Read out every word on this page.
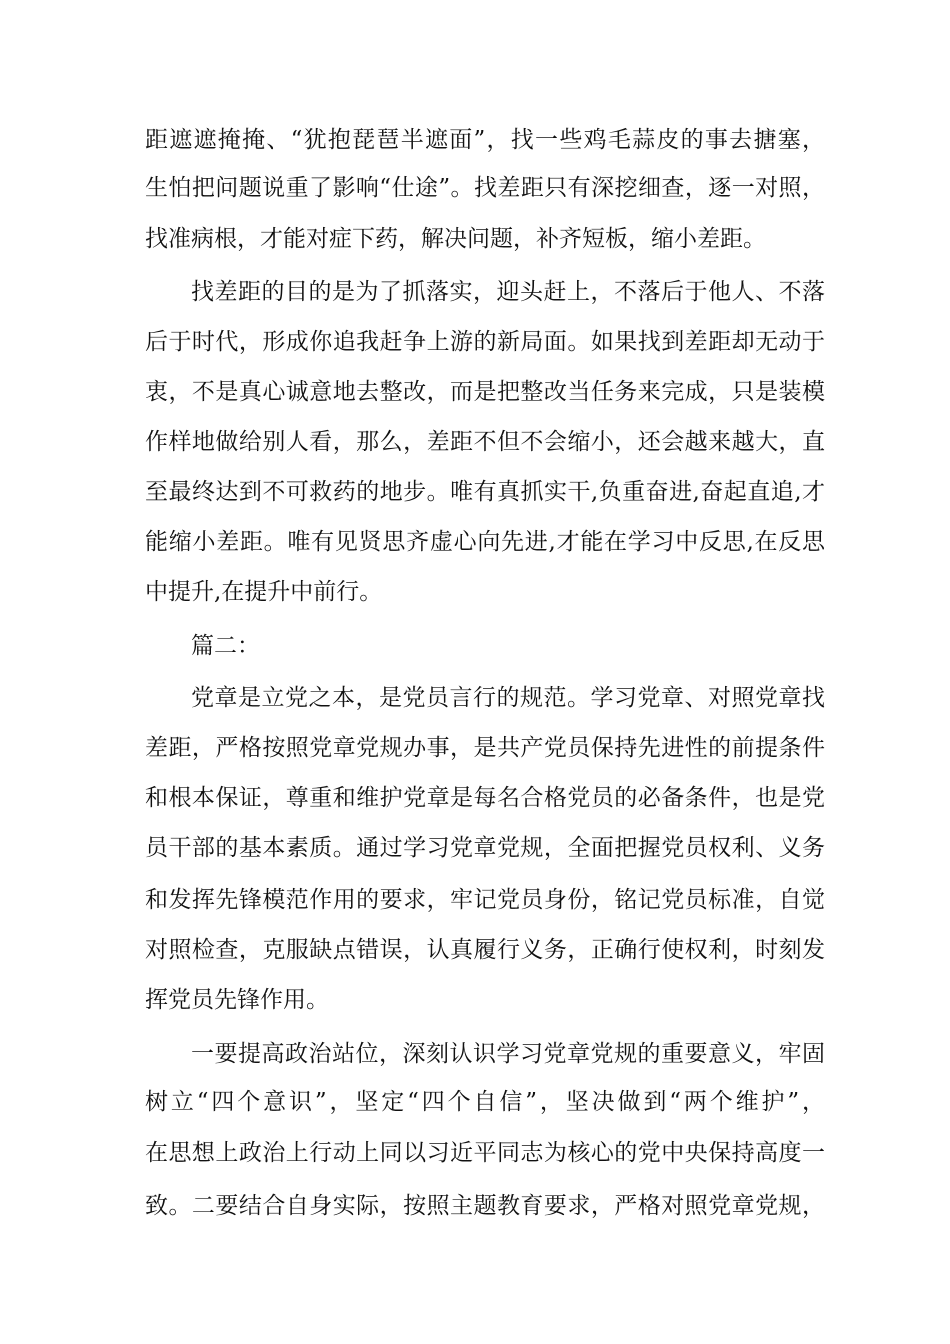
距遮遮掩掩、“犹抱琵琶半遮面”，找一些鸡毛蒜皮的事去搪塞，
生怕把问题说重了影响“仕途”。找差距只有深挖细查，逐一对照，
找准病根，才能对症下药，解决问题，补齐短板，缩小差距。
找差距的目的是为了抓落实，迎头赶上，不落后于他人、不落
后于时代，形成你追我赶争上游的新局面。如果找到差距却无动于
衷，不是真心诚意地去整改，而是把整改当任务来完成，只是装模
作样地做给别人看，那么，差距不但不会缩小，还会越来越大，直
至最终达到不可救药的地步。唯有真抓实干,负重奋进,奋起直追,才
能缩小差距。唯有见贤思齐虚心向先进,才能在学习中反思,在反思
中提升,在提升中前行。
篇二：
党章是立党之本，是党员言行的规范。学习党章、对照党章找
差距，严格按照党章党规办事，是共产党员保持先进性的前提条件
和根本保证，尊重和维护党章是每名合格党员的必备条件，也是党
员干部的基本素质。通过学习党章党规，全面把握党员权利、义务
和发挥先锋模范作用的要求，牢记党员身份，铭记党员标准，自觉
对照检查，克服缺点错误，认真履行义务，正确行使权利，时刻发
挥党员先锋作用。
一要提高政治站位，深刻认识学习党章党规的重要意义，牢固
树立“四个意识”，坚定“四个自信”，坚决做到“两个维护”，
在思想上政治上行动上同以习近平同志为核心的党中央保持高度一
致。二要结合自身实际，按照主题教育要求，严格对照党章党规，
